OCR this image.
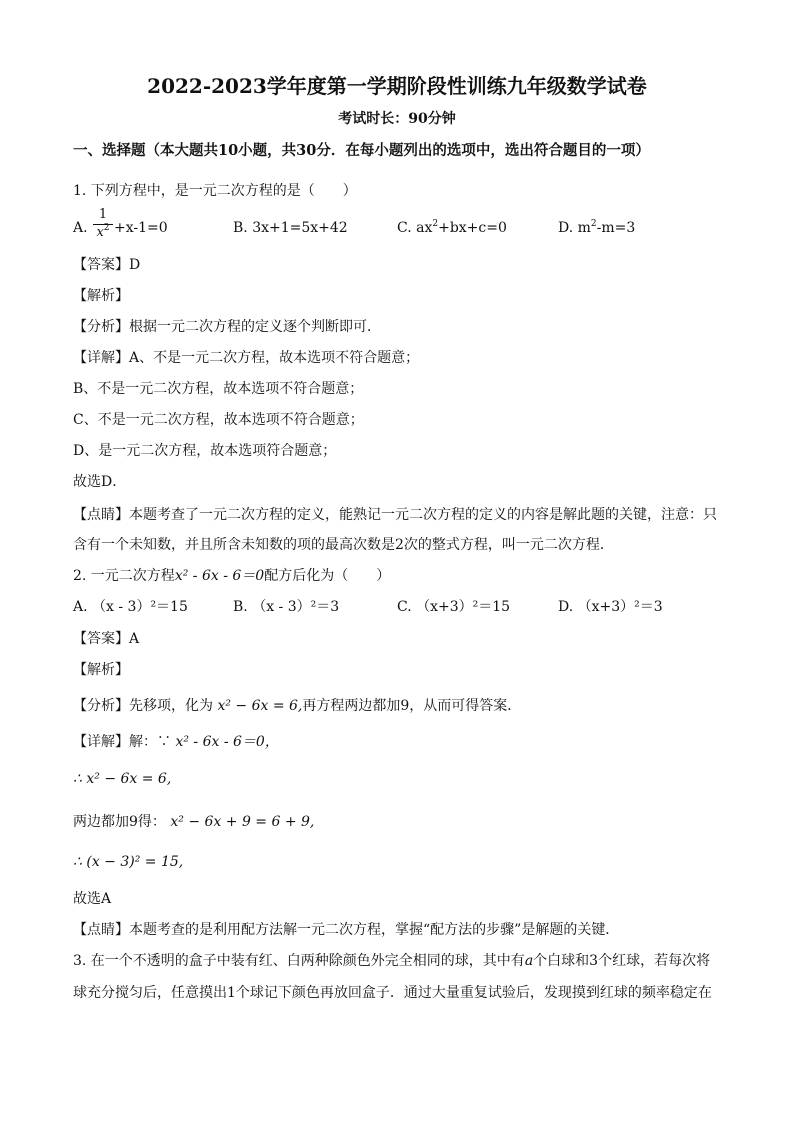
2022-2023学年度第一学期阶段性训练九年级数学试卷
考试时长：90分钟
一、选择题（本大题共10小题，共30分．在每小题列出的选项中，选出符合题目的一项）
1. 下列方程中，是一元二次方程的是（　　）
A. $\frac{1}{x^2} +x-1=0$	B. 3x+1=5x+42	C. $ax^2+bx+c=0$	D. $m^2-m=3$
【答案】D
【解析】
【分析】根据一元二次方程的定义逐个判断即可．
【详解】A、不是一元二次方程，故本选项不符合题意；
B、不是一元二次方程，故本选项不符合题意；
C、不是一元二次方程，故本选项不符合题意；
D、是一元二次方程，故本选项符合题意；
故选D．
【点睛】本题考查了一元二次方程的定义，能熟记一元二次方程的定义的内容是解此题的关键，注意：只
含有一个未知数，并且所含未知数的项的最高次数是2次的整式方程，叫一元二次方程．
2. 一元二次方程x² - 6x - 6＝0配方后化为（　　）
A. （x - 3）²＝15	B. （x - 3）²＝3	C. （x+3）²＝15	D. （x+3）²＝3
【答案】A
【解析】
【分析】先移项，化为 x² − 6x = 6,再方程两边都加9，从而可得答案．
【详解】解：∵ x² - 6x - 6＝0，
∴ x² − 6x = 6,
两边都加9得： x² − 6x + 9 = 6 + 9,
∴ (x − 3)² = 15,
故选A
【点睛】本题考查的是利用配方法解一元二次方程，掌握“配方法的步骤”是解题的关键．
3. 在一个不透明的盒子中装有红、白两种除颜色外完全相同的球，其中有a个白球和3个红球，若每次将
球充分搅匀后，任意摸出1个球记下颜色再放回盒子．通过大量重复试验后，发现摸到红球的频率稳定在
